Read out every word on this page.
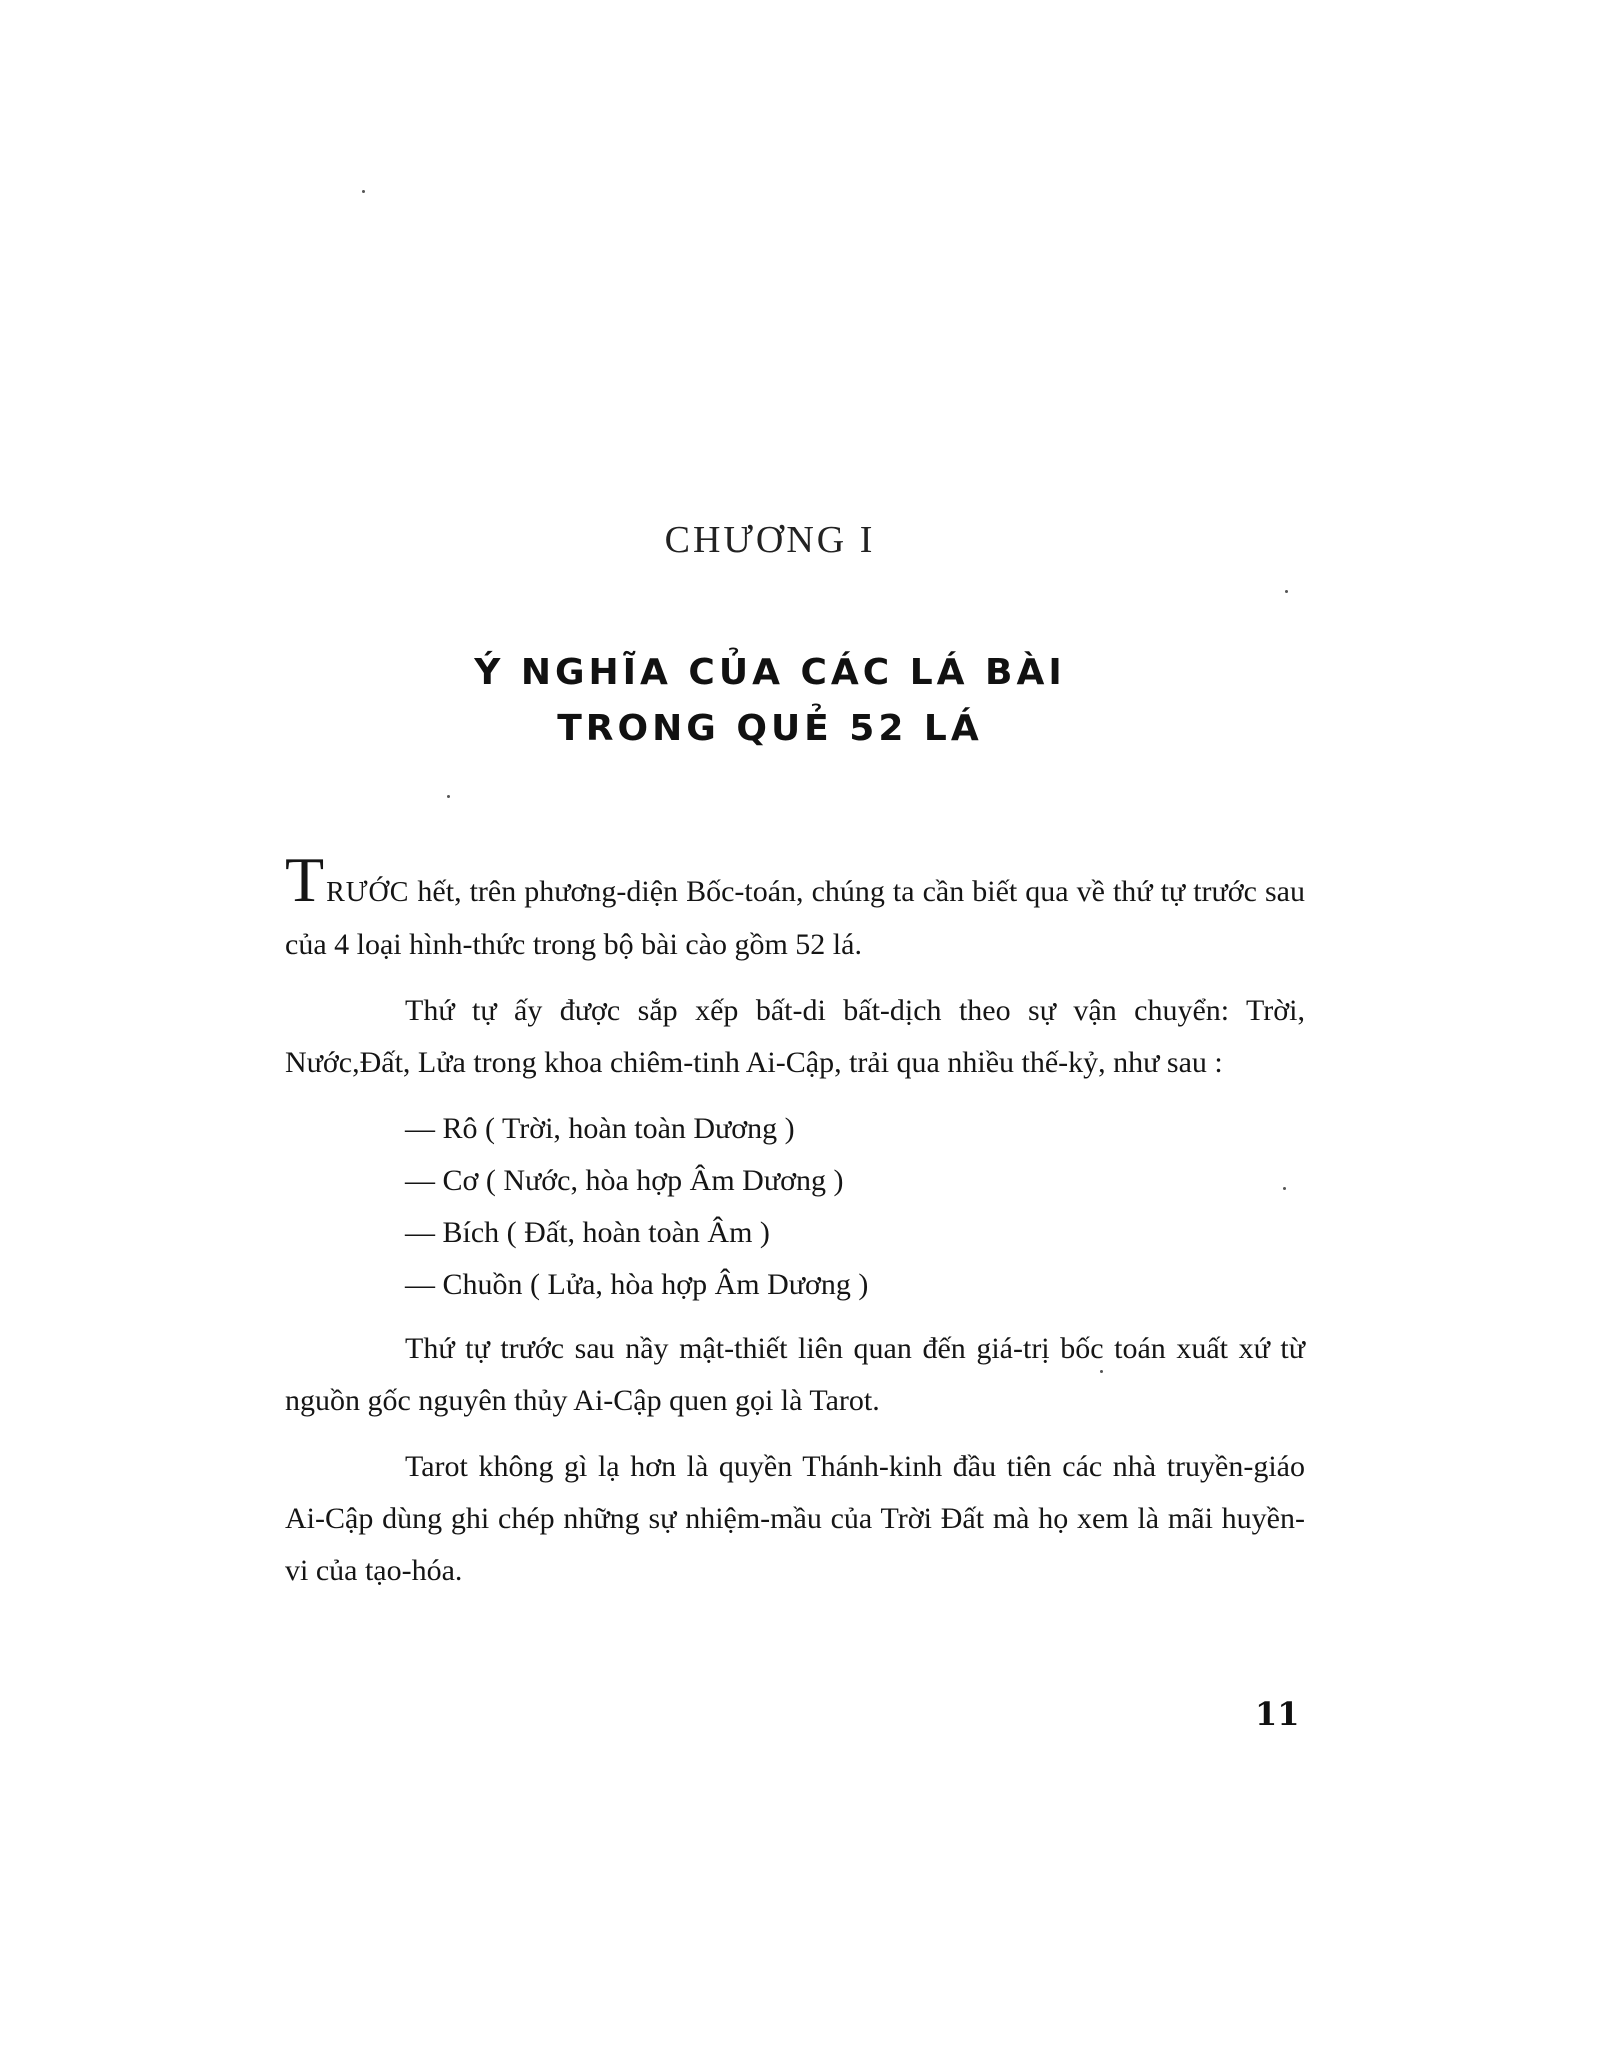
CHƯƠNG I
Ý NGHĨA CỦA CÁC LÁ BÀI
TRONG QUẺ 52 LÁ

TRƯỚC hết, trên phương-diện Bốc-toán, chúng ta cần biết qua về thứ tự trước sau của 4 loại hình-thức trong bộ bài cào gồm 52 lá.

Thứ tự ấy được sắp xếp bất-di bất-dịch theo sự vận chuyển: Trời, Nước,Đất, Lửa trong khoa chiêm-tinh Ai-Cập, trải qua nhiều thế-kỷ, như sau :

— Rô ( Trời, hoàn toàn Dương )

— Cơ ( Nước, hòa hợp Âm Dương )

— Bích ( Đất, hoàn toàn Âm )

— Chuồn ( Lửa, hòa hợp Âm Dương )

Thứ tự trước sau nầy mật-thiết liên quan đến giá-trị bốc toán xuất xứ từ nguồn gốc nguyên thủy Ai-Cập quen gọi là Tarot.

Tarot không gì lạ hơn là quyền Thánh-kinh đầu tiên các nhà truyền-giáo Ai-Cập dùng ghi chép những sự nhiệm-mầu của Trời Đất mà họ xem là mãi huyền-vi của tạo-hóa.

11
